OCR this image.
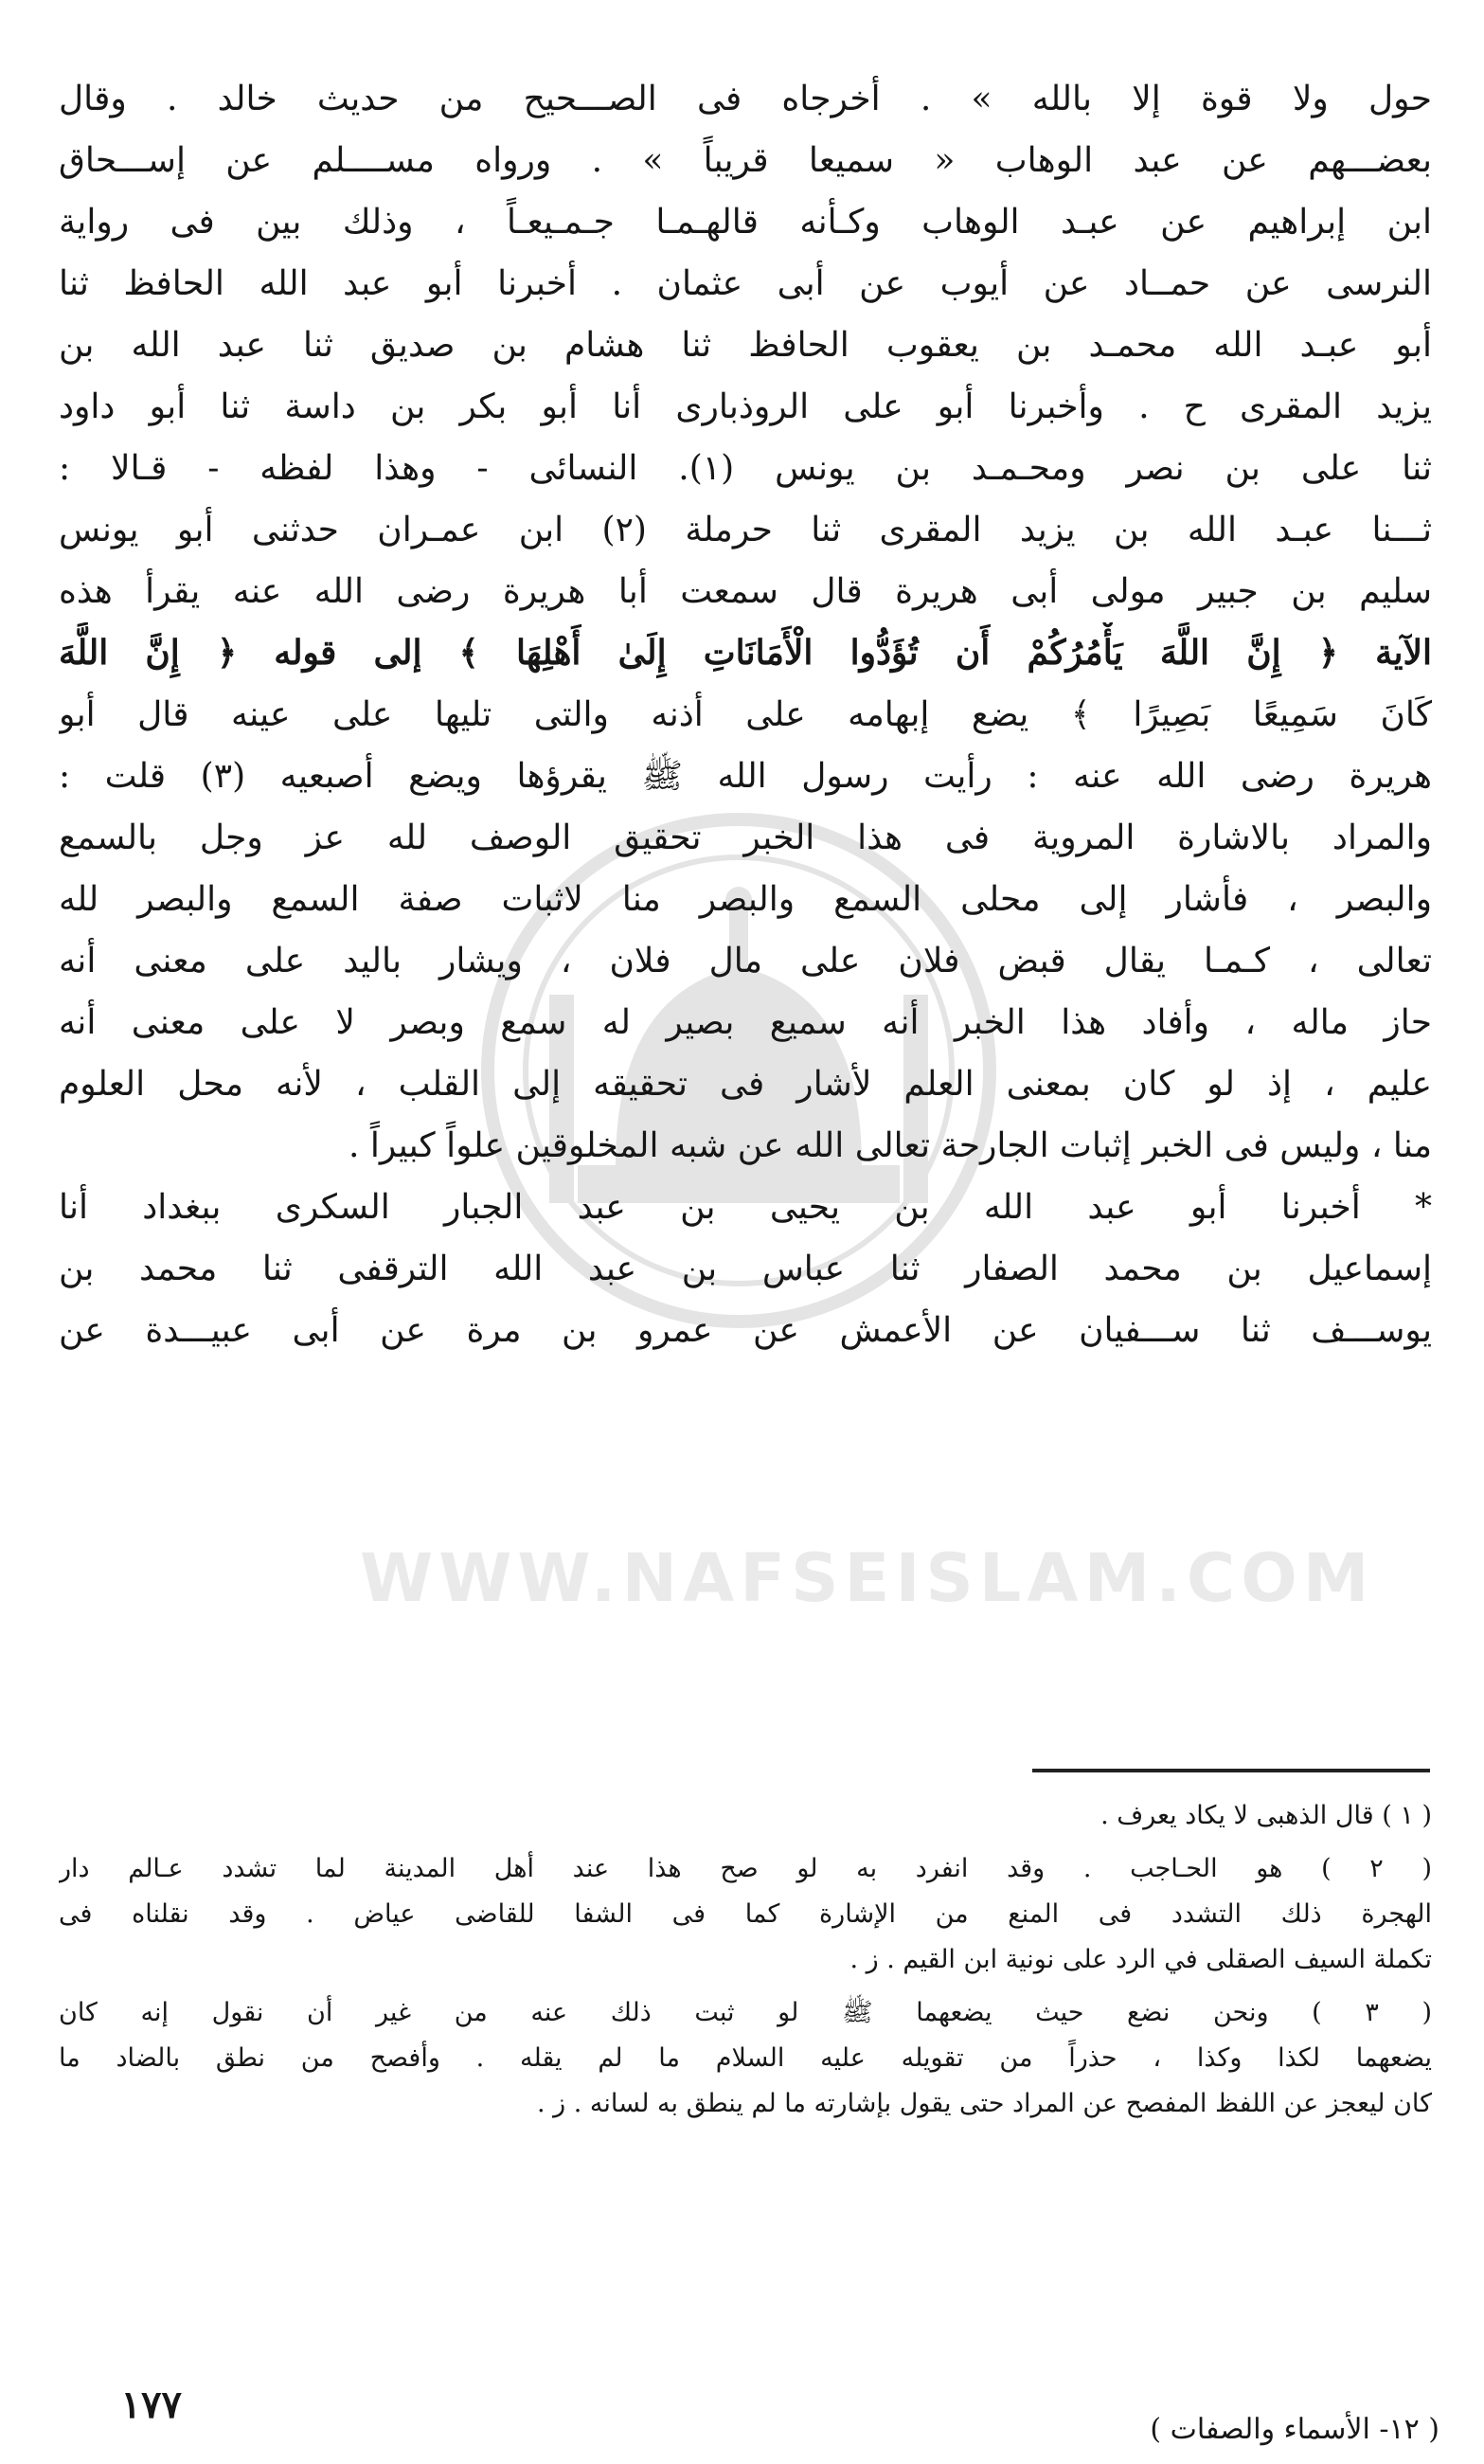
WWW.NAFSEISLAM.COM
حول ولا قوة إلا بالله » . أخرجاه فى الصـــحيح من حديث خالد . وقال
بعضـــهم عن عبد الوهاب « سميعا قريباً » . ورواه مســــلم عن إســـحاق
ابن إبراهيم عن عبـد الوهاب وكـأنه قالهـمـا جـمـيعـاً ، وذلك بين فى رواية
النرسى عن حمــاد عن أيوب عن أبى عثمان . أخبرنا أبو عبد الله الحافظ ثنا
أبو عبـد الله محمـد بن يعقوب الحافظ ثنا هشام بن صديق ثنا عبد الله بن
يزيد المقرى ح . وأخبرنا أبو على الروذبارى أنا أبو بكر بن داسة ثنا أبو داود
ثنا على بن نصر ومحـمـد بن يونس (١). النسائى - وهذا لفظه - قـالا :
ثـــنا عبـد الله بن يزيد المقرى ثنا حرملة (٢) ابن عمـران حدثنى أبو يونس
سليم بن جبير مولى أبى هريرة قال سمعت أبا هريرة رضى الله عنه يقرأ هذه
الآية ﴿ إِنَّ اللَّهَ يَأْمُرُكُمْ أَن تُؤَدُّوا الْأَمَانَاتِ إِلَىٰ أَهْلِهَا ﴾ إلى قوله ﴿ إِنَّ اللَّهَ
كَانَ سَمِيعًا بَصِيرًا ﴾ يضع إبهامه على أذنه والتى تليها على عينه قال أبو
هريرة رضى الله عنه : رأيت رسول الله ﷺ يقرؤها ويضع أصبعيه (٣) قلت :
والمراد بالاشارة المروية فى هذا الخبر تحقيق الوصف لله عز وجل بالسمع
والبصر ، فأشار إلى محلى السمع والبصر منا لاثبات صفة السمع والبصر لله
تعالى ، كـمـا يقال قبض فلان على مال فلان ، ويشار باليد على معنى أنه
حاز ماله ، وأفاد هذا الخبر أنه سميع بصير له سمع وبصر لا على معنى أنه
عليم ، إذ لو كان بمعنى العلم لأشار فى تحقيقه إلى القلب ، لأنه محل العلوم
منا ، وليس فى الخبر إثبات الجارحة تعالى الله عن شبه المخلوقين علواً كبيراً .
* أخبرنا أبو عبد الله بن يحيى بن عبد الجبار السكرى ببغداد أنا
إسماعيل بن محمد الصفار ثنا عباس بن عبد الله الترقفى ثنا محمد بن
يوســـف ثنا ســـفيان عن الأعمش عن عمرو بن مرة عن أبى عبيـــدة عن
( ١ ) قال الذهبى لا يكاد يعرف .
( ٢ ) هو الحـاجب . وقد انفرد به لو صح هذا عند أهل المدينة لما تشدد عـالم دار
الهجرة ذلك التشدد فى المنع من الإشارة كما فى الشفا للقاضى عياض . وقد نقلناه فى
تكملة السيف الصقلى في الرد على نونية ابن القيم . ز .
( ٣ ) ونحن نضع حيث يضعهما ﷺ لو ثبت ذلك عنه من غير أن نقول إنه كان
يضعهما لكذا وكذا ، حذراً من تقويله عليه السلام ما لم يقله . وأفصح من نطق بالضاد ما
كان ليعجز عن اللفظ المفصح عن المراد حتى يقول بإشارته ما لم ينطق به لسانه . ز .
١٧٧
( ١٢- الأسماء والصفات )
